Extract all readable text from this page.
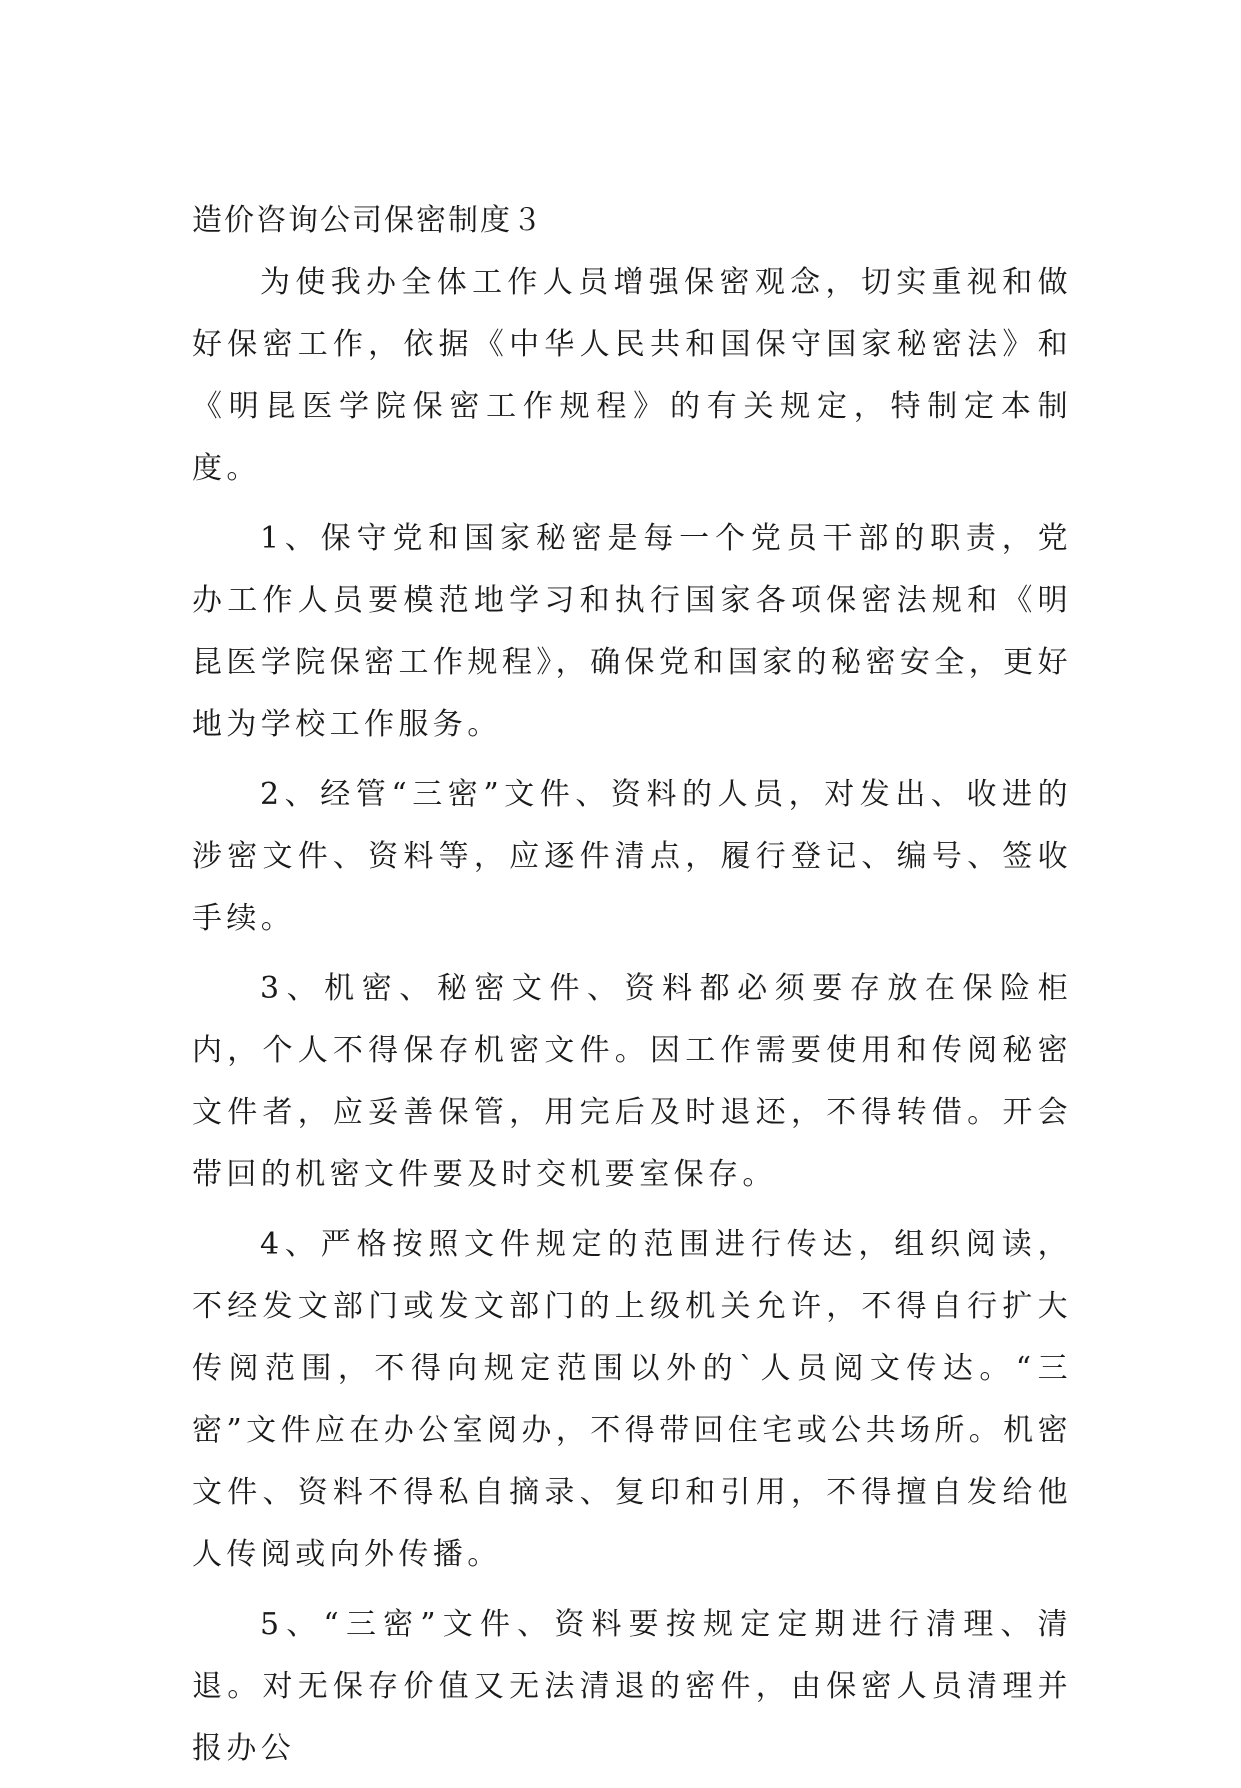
造价咨询公司保密制度３

为使我办全体工作人员增强保密观念，切实重视和做好保密工作，依据《中华人民共和国保守国家秘密法》和《明昆医学院保密工作规程》的有关规定，特制定本制度。

1、保守党和国家秘密是每一个党员干部的职责，党办工作人员要模范地学习和执行国家各项保密法规和《明昆医学院保密工作规程》，确保党和国家的秘密安全，更好地为学校工作服务。

2、经管“三密”文件、资料的人员，对发出、收进的涉密文件、资料等，应逐件清点，履行登记、编号、签收手续。

3、机密、秘密文件、资料都必须要存放在保险柜内，个人不得保存机密文件。因工作需要使用和传阅秘密文件者，应妥善保管，用完后及时退还，不得转借。开会带回的机密文件要及时交机要室保存。

4、严格按照文件规定的范围进行传达，组织阅读，不经发文部门或发文部门的上级机关允许，不得自行扩大传阅范围，不得向规定范围以外的`人员阅文传达。“三密”文件应在办公室阅办，不得带回住宅或公共场所。机密文件、资料不得私自摘录、复印和引用，不得擅自发给他人传阅或向外传播。

5、“三密”文件、资料要按规定定期进行清理、清退。对无保存价值又无法清退的密件，由保密人员清理并报办公
